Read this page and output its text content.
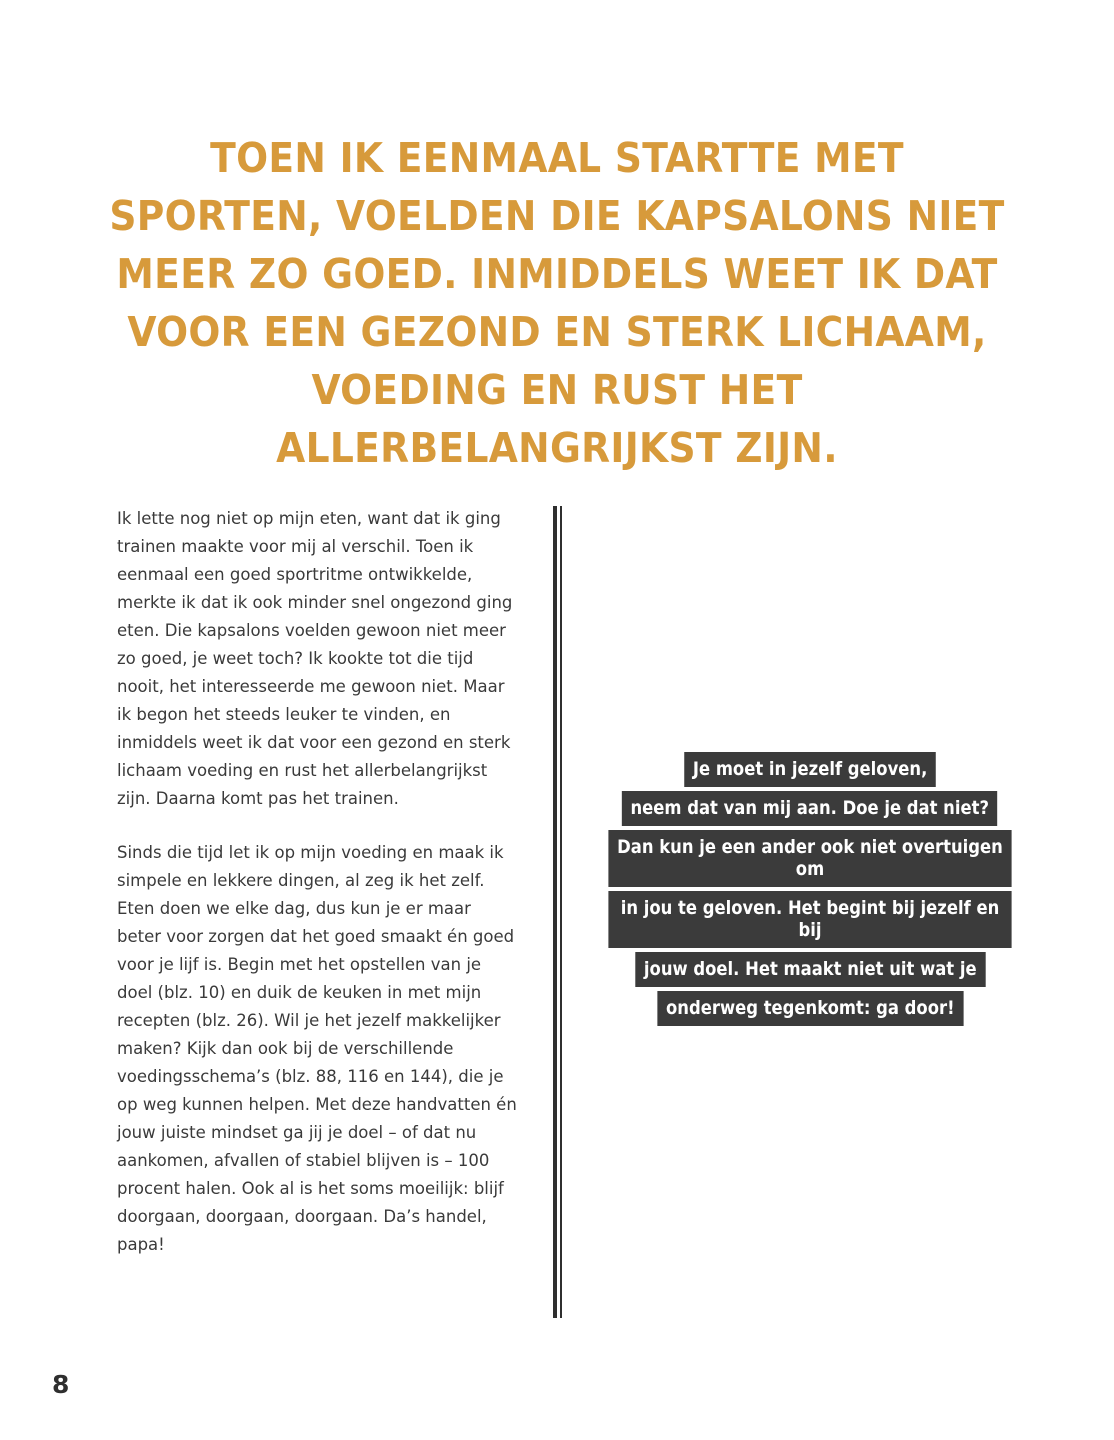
TOEN IK EENMAAL STARTTE MET SPORTEN, VOELDEN DIE KAPSALONS NIET MEER ZO GOED. INMIDDELS WEET IK DAT VOOR EEN GEZOND EN STERK LICHAAM, VOEDING EN RUST HET ALLERBELANGRIJKST ZIJN.

Ik lette nog niet op mijn eten, want dat ik ging trainen maakte voor mij al verschil. Toen ik eenmaal een goed sportritme ontwikkelde, merkte ik dat ik ook minder snel ongezond ging eten. Die kapsalons voelden gewoon niet meer zo goed, je weet toch? Ik kookte tot die tijd nooit, het interesseerde me gewoon niet. Maar ik begon het steeds leuker te vinden, en inmiddels weet ik dat voor een gezond en sterk lichaam voeding en rust het allerbelangrijkst zijn. Daarna komt pas het trainen.

Sinds die tijd let ik op mijn voeding en maak ik simpele en lekkere dingen, al zeg ik het zelf. Eten doen we elke dag, dus kun je er maar beter voor zorgen dat het goed smaakt én goed voor je lijf is. Begin met het opstellen van je doel (blz. 10) en duik de keuken in met mijn recepten (blz. 26). Wil je het jezelf makkelijker maken? Kijk dan ook bij de verschillende voedingsschema’s (blz. 88, 116 en 144), die je op weg kunnen helpen. Met deze handvatten én jouw juiste mindset ga jij je doel – of dat nu aankomen, afvallen of stabiel blijven is – 100 procent halen. Ook al is het soms moeilijk: blijf doorgaan, doorgaan, doorgaan. Da’s handel, papa!

Je moet in jezelf geloven,
neem dat van mij aan. Doe je dat niet?
Dan kun je een ander ook niet overtuigen om
in jou te geloven. Het begint bij jezelf en bij
jouw doel. Het maakt niet uit wat je
onderweg tegenkomt: ga door!
8
